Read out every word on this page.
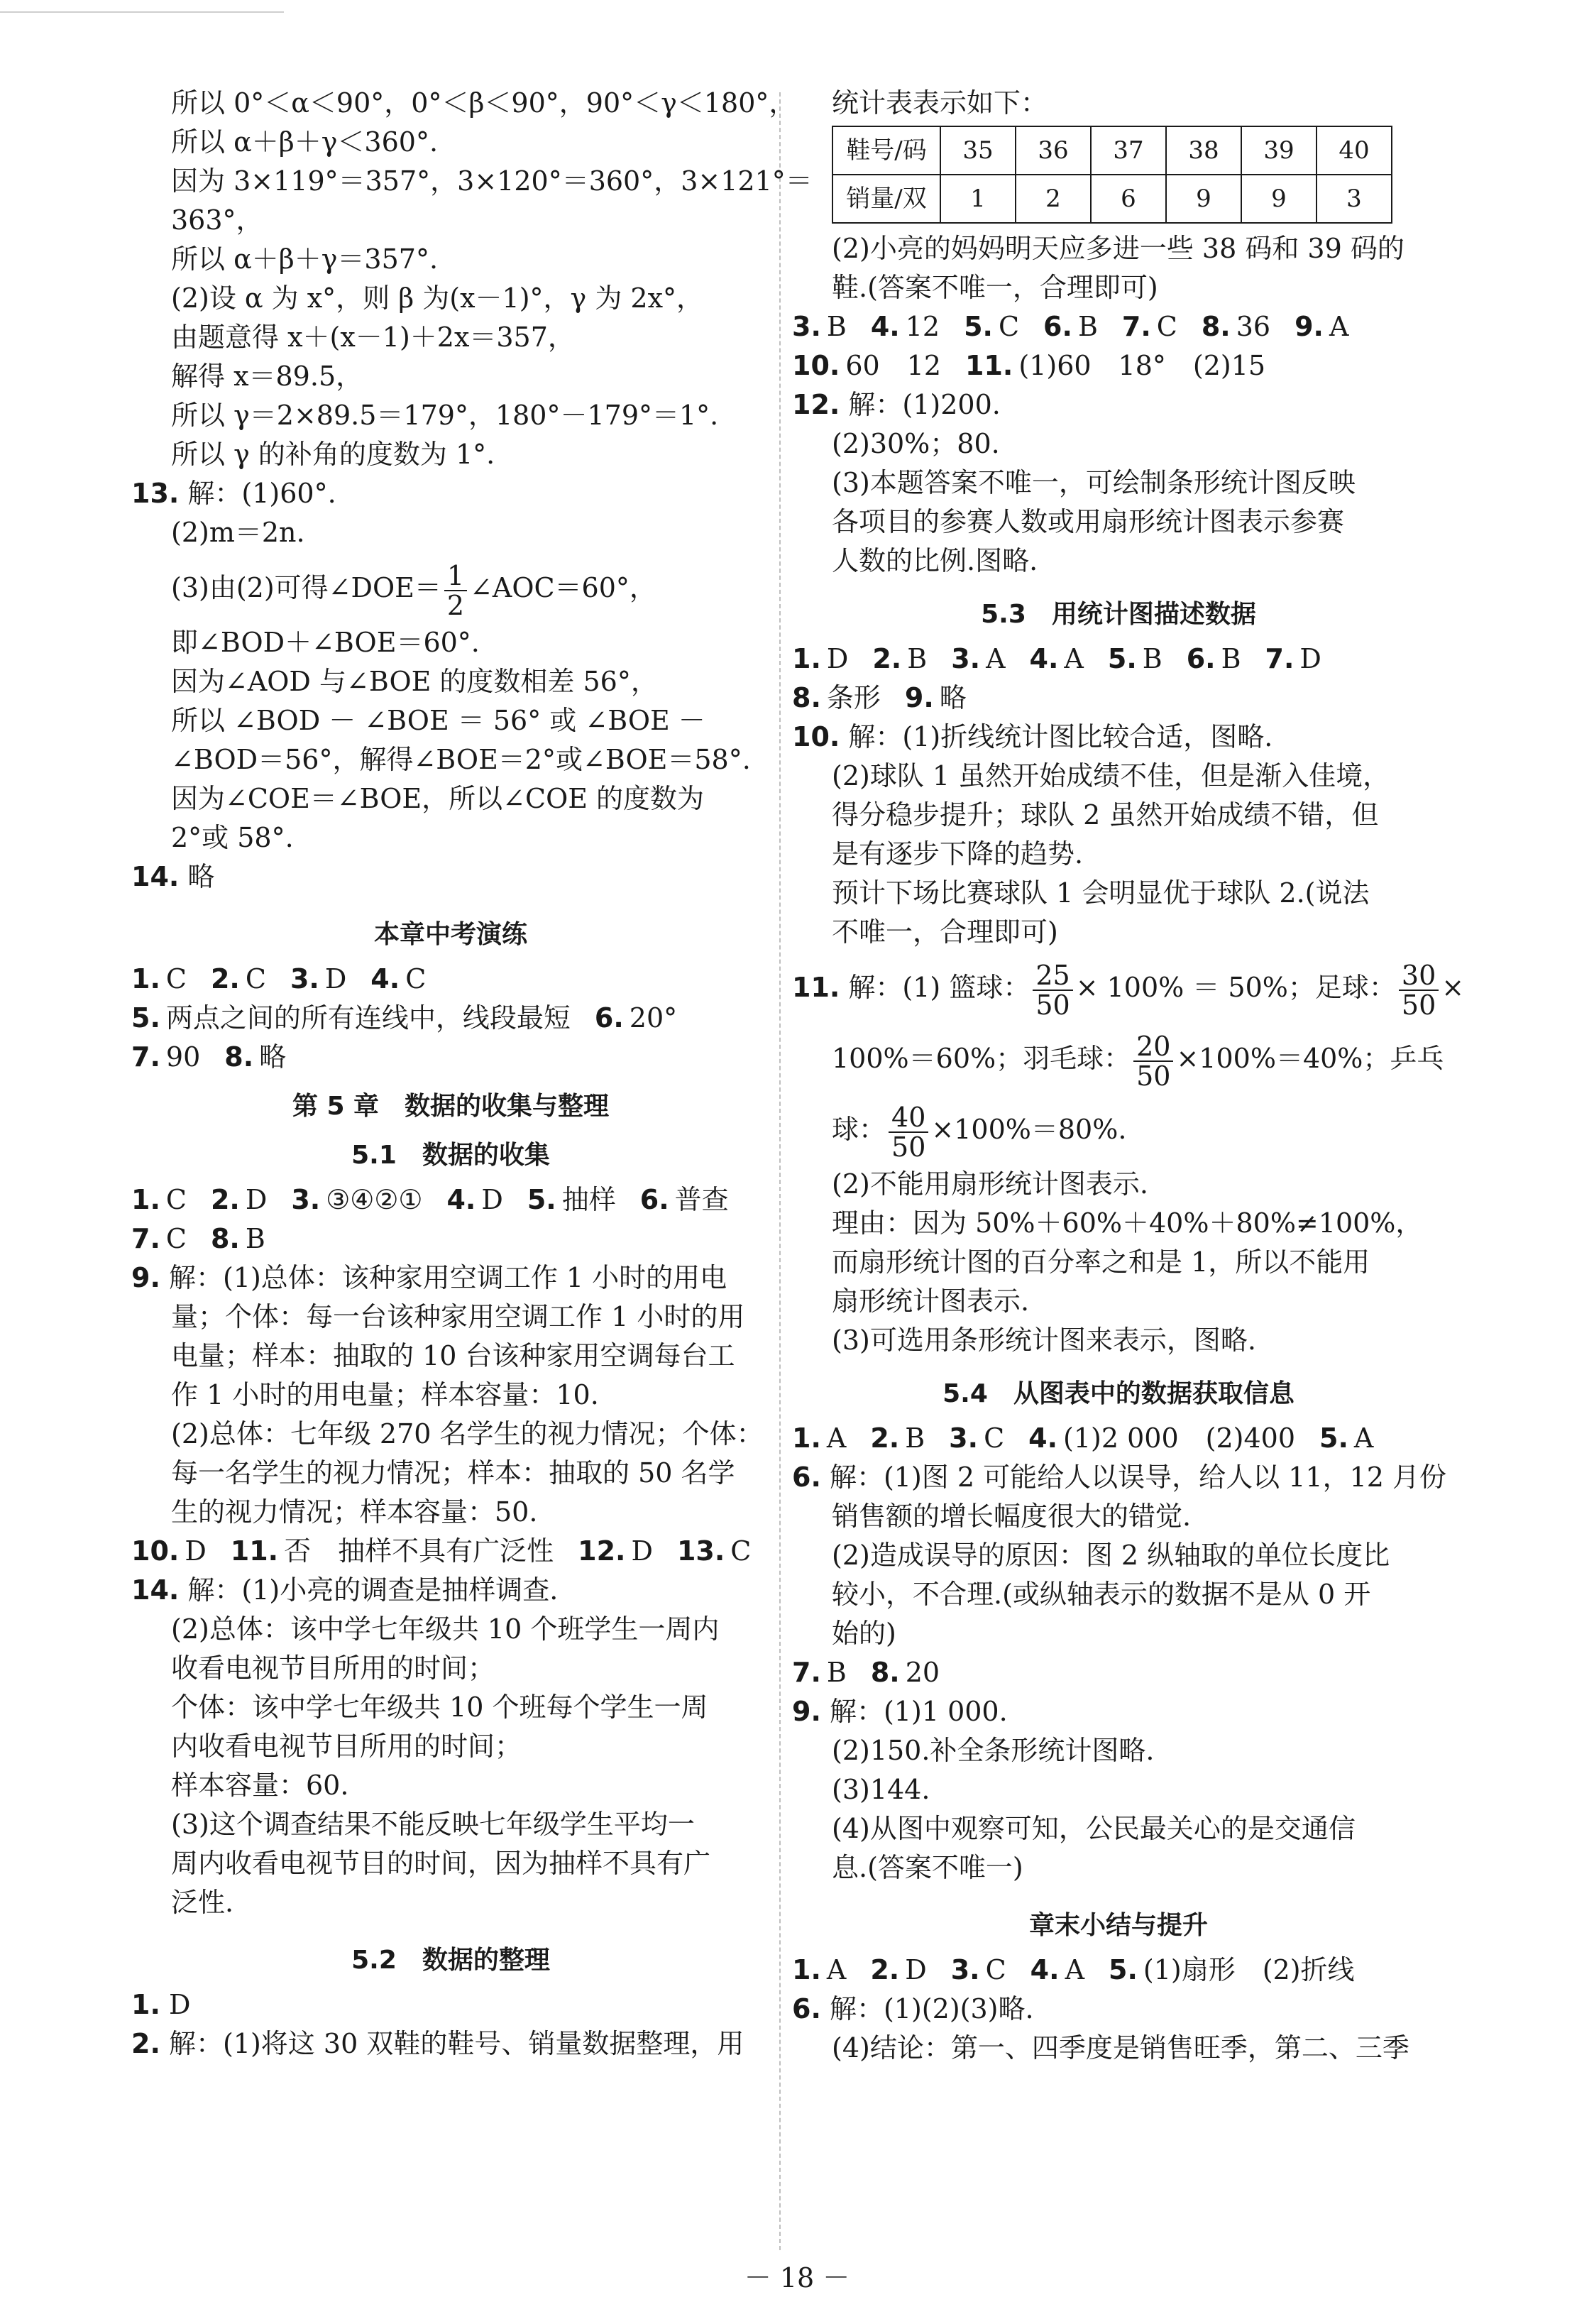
所以 0°＜α＜90°，0°＜β＜90°，90°＜γ＜180°，
所以 α＋β＋γ＜360°.
因为 3×119°＝357°，3×120°＝360°，3×121°＝
363°，
所以 α＋β＋γ＝357°.
(2)设 α 为 x°，则 β 为(x－1)°，γ 为 2x°，
由题意得 x＋(x－1)＋2x＝357，
解得 x＝89.5，
所以 γ＝2×89.5＝179°，180°－179°＝1°.
所以 γ 的补角的度数为 1°.
13. 解：(1)60°.
(2)m＝2n.
(3)由(2)可得∠DOE＝ $\frac{1}{2}$ ∠AOC＝60°，
即∠BOD＋∠BOE＝60°.
因为∠AOD 与∠BOE 的度数相差 56°，
所以 ∠BOD － ∠BOE ＝ 56° 或 ∠BOE －
∠BOD＝56°，解得∠BOE＝2°或∠BOE＝58°.
因为∠COE＝∠BOE，所以∠COE 的度数为
2°或 58°.
14. 略
本章中考演练
1. C 2. C 3. D 4. C
5. 两点之间的所有连线中，线段最短 6. 20°
7. 90 8. 略
第 5 章　数据的收集与整理
5.1　数据的收集
1. C 2. D 3. ③④②① 4. D 5. 抽样 6. 普查
7. C 8. B
9. 解：(1)总体：该种家用空调工作 1 小时的用电
量；个体：每一台该种家用空调工作 1 小时的用
电量；样本：抽取的 10 台该种家用空调每台工
作 1 小时的用电量；样本容量：10.
(2)总体：七年级 270 名学生的视力情况；个体：
每一名学生的视力情况；样本：抽取的 50 名学
生的视力情况；样本容量：50.
10. D 11. 否　抽样不具有广泛性 12. D 13. C
14. 解：(1)小亮的调查是抽样调查.
(2)总体：该中学七年级共 10 个班学生一周内
收看电视节目所用的时间；
个体：该中学七年级共 10 个班每个学生一周
内收看电视节目所用的时间；
样本容量：60.
(3)这个调查结果不能反映七年级学生平均一
周内收看电视节目的时间，因为抽样不具有广
泛性.
5.2　数据的整理
1. D
2. 解：(1)将这 30 双鞋的鞋号、销量数据整理，用
统计表表示如下：
鞋号/码	35	36	37	38	39	40
销量/双	1	2	6	9	9	3
(2)小亮的妈妈明天应多进一些 38 码和 39 码的
鞋.(答案不唯一，合理即可)
3. B 4. 12 5. C 6. B 7. C 8. 36 9. A
10. 60　12 11. (1)60　18°　(2)15
12. 解：(1)200.
(2)30%；80.
(3)本题答案不唯一，可绘制条形统计图反映
各项目的参赛人数或用扇形统计图表示参赛
人数的比例.图略.
5.3　用统计图描述数据
1. D 2. B 3. A 4. A 5. B 6. B 7. D
8. 条形 9. 略
10. 解：(1)折线统计图比较合适，图略.
(2)球队 1 虽然开始成绩不佳，但是渐入佳境，
得分稳步提升；球队 2 虽然开始成绩不错，但
是有逐步下降的趋势.
预计下场比赛球队 1 会明显优于球队 2.(说法
不唯一，合理即可)
11. 解：(1) 篮球： $\frac{25}{50} \times 100\% = 50\%$；足球： $\frac{30}{50}$ ×
100%＝60%；羽毛球： $\frac{20}{50} \times 100\%=40\%$；乒乓
球： $\frac{40}{50} \times 100\%=80\%$.
(2)不能用扇形统计图表示.
理由：因为 50%＋60%＋40%＋80%≠100%，
而扇形统计图的百分率之和是 1，所以不能用
扇形统计图表示.
(3)可选用条形统计图来表示，图略.
5.4　从图表中的数据获取信息
1. A 2. B 3. C 4. (1)2 000　(2)400 5. A
6. 解：(1)图 2 可能给人以误导，给人以 11，12 月份
销售额的增长幅度很大的错觉.
(2)造成误导的原因：图 2 纵轴取的单位长度比
较小，不合理.(或纵轴表示的数据不是从 0 开
始的)
7. B 8. 20
9. 解：(1)1 000.
(2)150.补全条形统计图略.
(3)144.
(4)从图中观察可知，公民最关心的是交通信
息.(答案不唯一)
章末小结与提升
1. A 2. D 3. C 4. A 5. (1)扇形　(2)折线
6. 解：(1)(2)(3)略.
(4)结论：第一、四季度是销售旺季，第二、三季
－ 18 －
